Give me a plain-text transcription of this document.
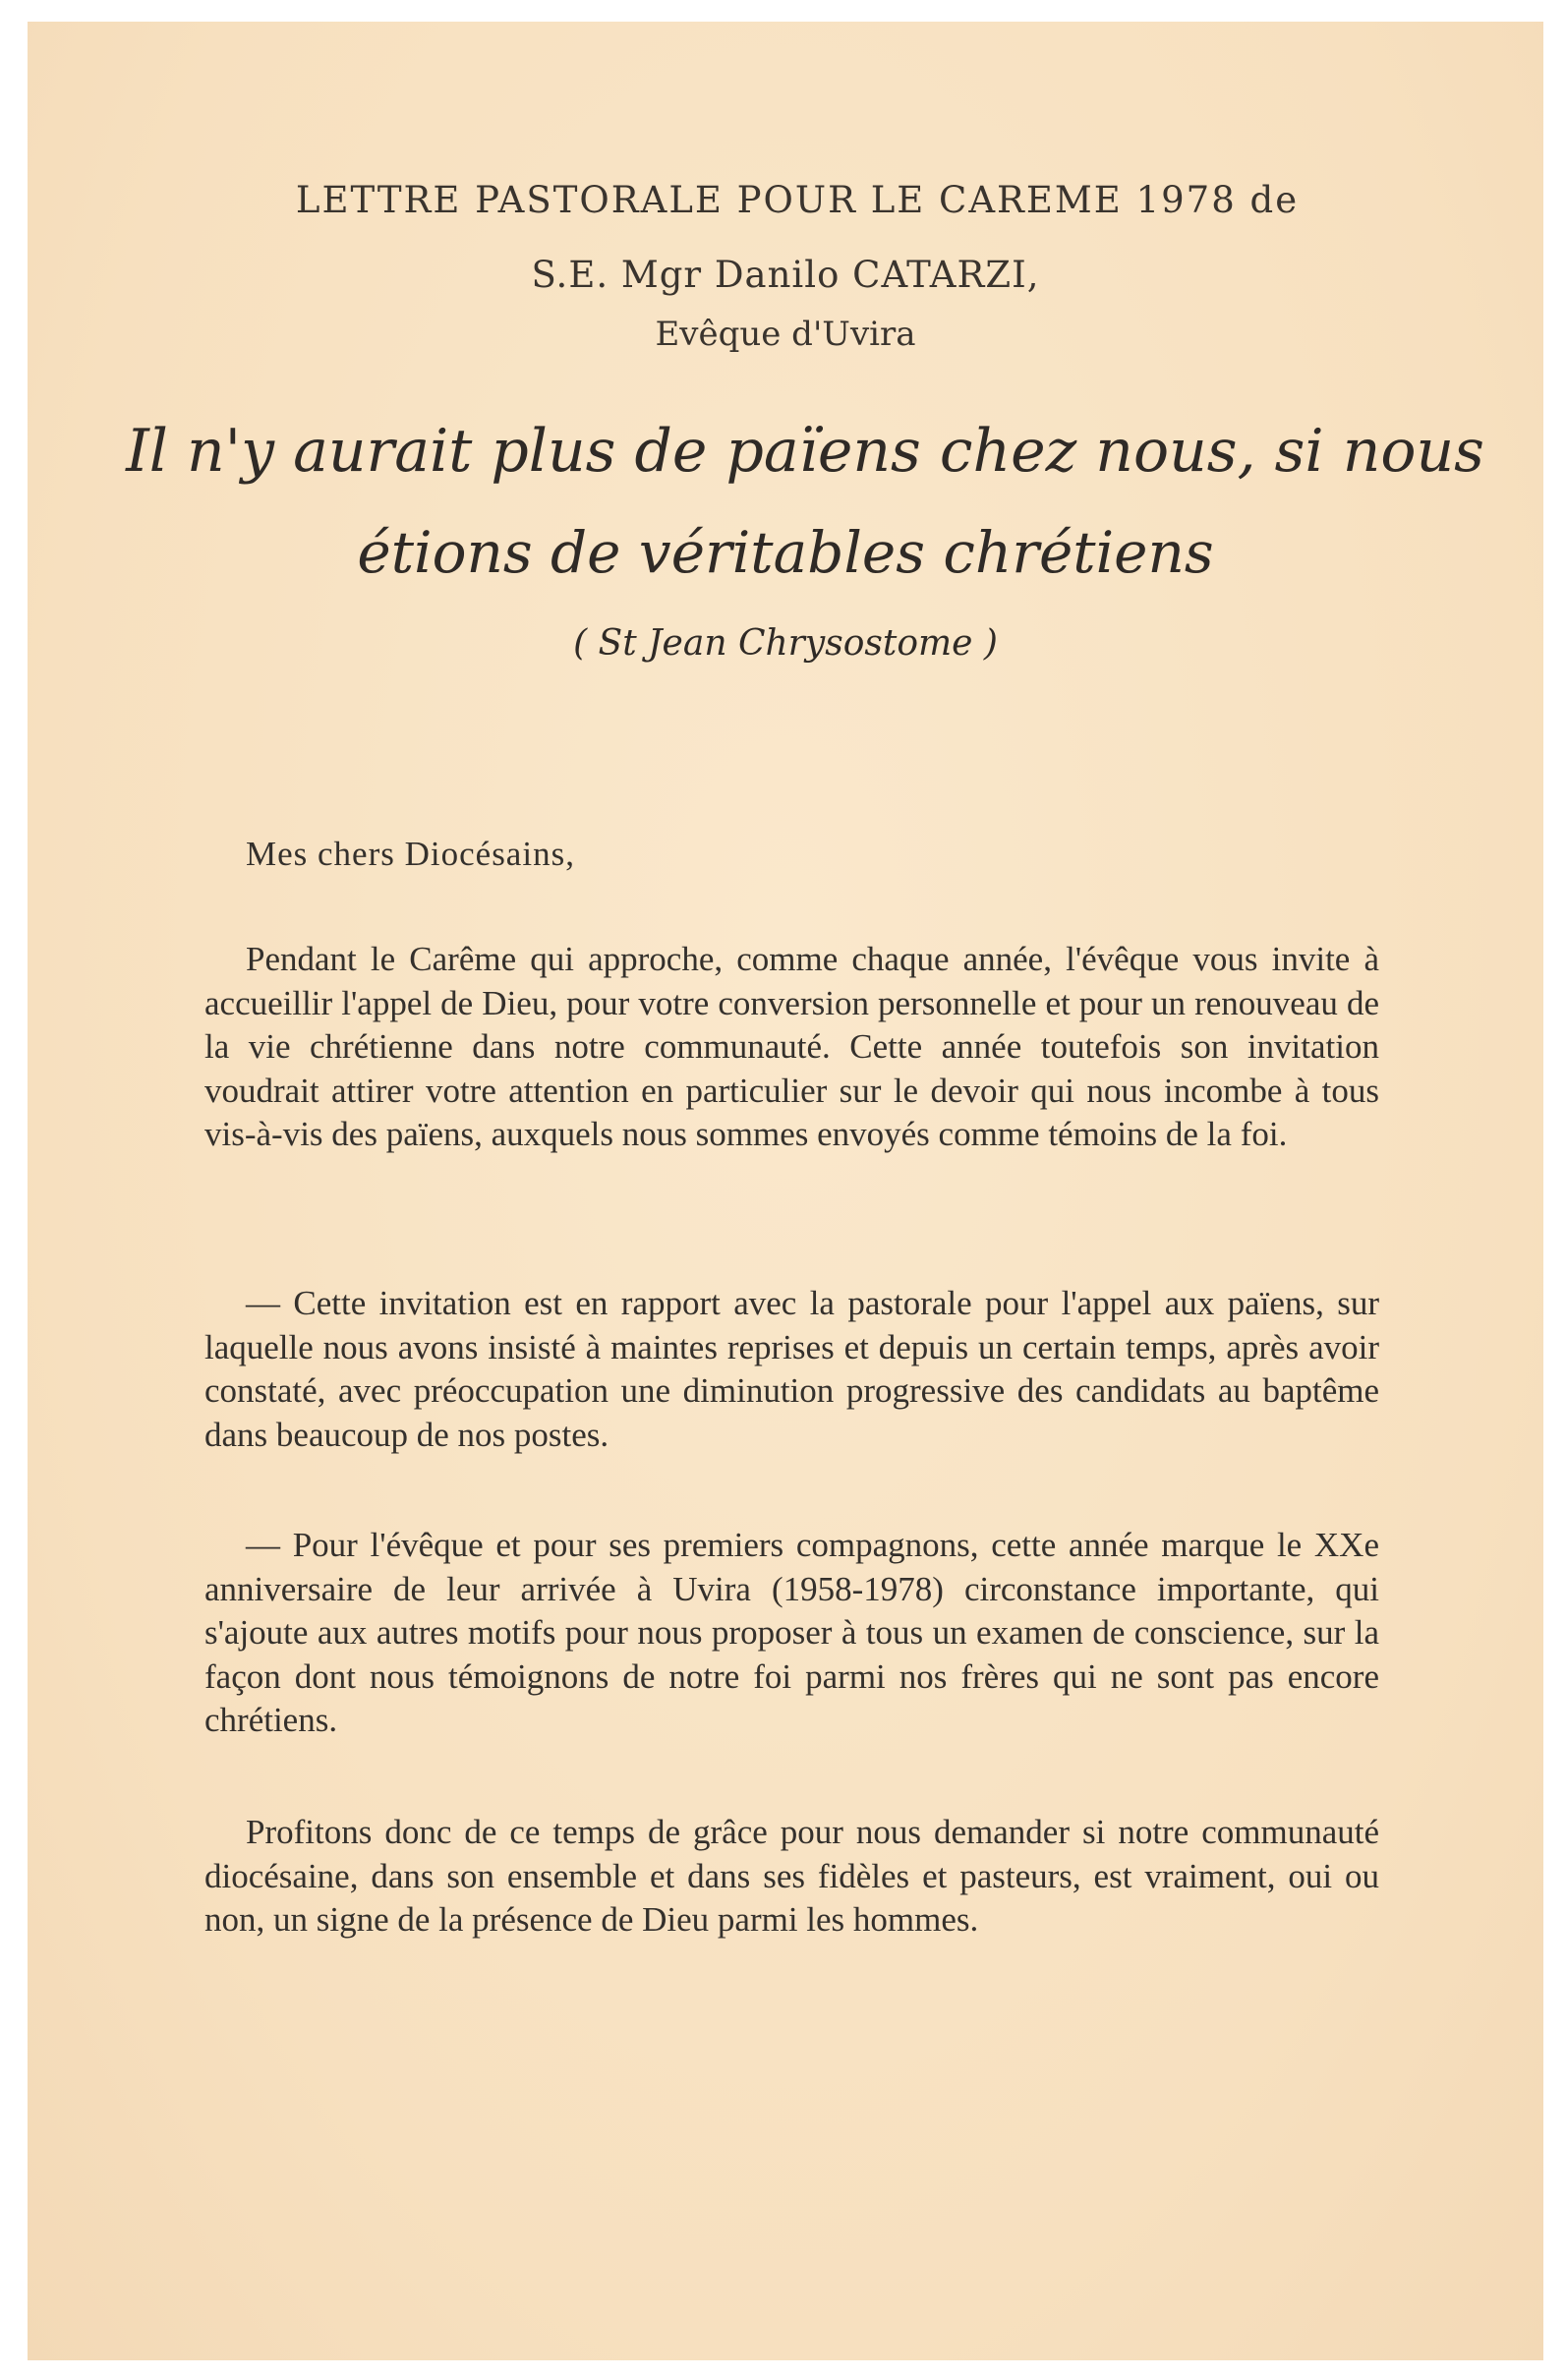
LETTRE PASTORALE POUR LE CAREME 1978 de
S.E. Mgr Danilo CATARZI,
Evêque d'Uvira
Il n'y aurait plus de païens chez nous, si nous
étions de véritables chrétiens
( St Jean Chrysostome )
Mes chers Diocésains,

Pendant le Carême qui approche, comme chaque année, l'évêque vous invite à accueillir l'appel de Dieu, pour votre conversion personnelle et pour un renouveau de la vie chrétienne dans notre communauté. Cette année toutefois son invitation voudrait attirer votre attention en particulier sur le devoir qui nous incombe à tous vis-à-vis des païens, auxquels nous sommes envoyés comme témoins de la foi.

— Cette invitation est en rapport avec la pastorale pour l'appel aux païens, sur laquelle nous avons insisté à maintes reprises et depuis un certain temps, après avoir constaté, avec préoccupation une diminution progressive des candidats au baptême dans beaucoup de nos postes.

— Pour l'évêque et pour ses premiers compagnons, cette année marque le XXe anniversaire de leur arrivée à Uvira (1958-1978) circonstance importante, qui s'ajoute aux autres motifs pour nous proposer à tous un examen de conscience, sur la façon dont nous témoignons de notre foi parmi nos frères qui ne sont pas encore chrétiens.

Profitons donc de ce temps de grâce pour nous demander si notre communauté diocésaine, dans son ensemble et dans ses fidèles et pasteurs, est vraiment, oui ou non, un signe de la présence de Dieu parmi les hommes.
